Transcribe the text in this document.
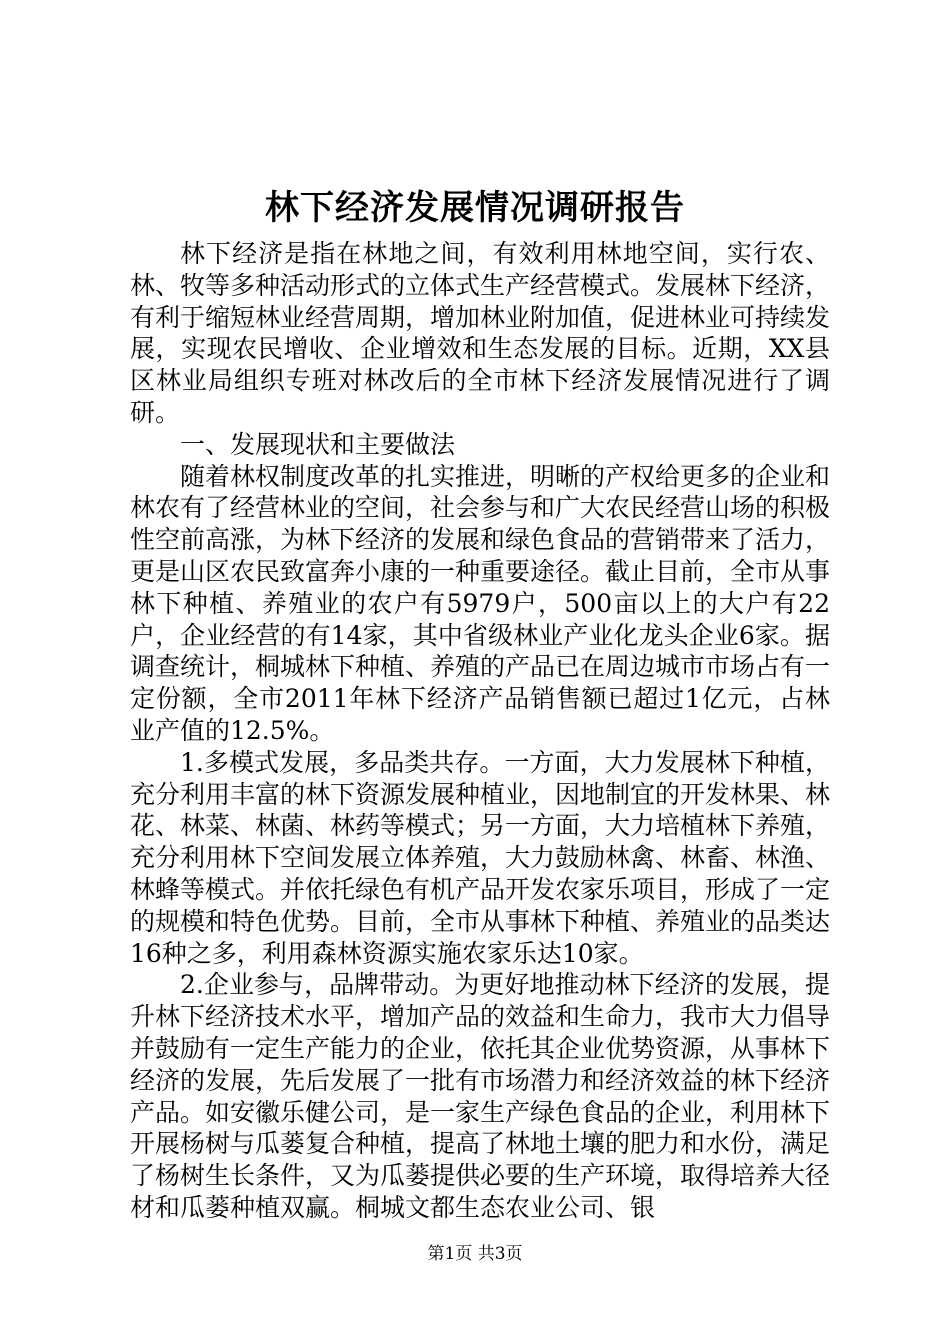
林下经济发展情况调研报告

林下经济是指在林地之间，有效利用林地空间，实行农、林、牧等多种活动形式的立体式生产经营模式。发展林下经济，有利于缩短林业经营周期，增加林业附加值，促进林业可持续发展，实现农民增收、企业增效和生态发展的目标。近期，XX县区林业局组织专班对林改后的全市林下经济发展情况进行了调研。

一、发展现状和主要做法

随着林权制度改革的扎实推进，明晰的产权给更多的企业和林农有了经营林业的空间，社会参与和广大农民经营山场的积极性空前高涨，为林下经济的发展和绿色食品的营销带来了活力，更是山区农民致富奔小康的一种重要途径。截止目前，全市从事林下种植、养殖业的农户有5979户，500亩以上的大户有22户，企业经营的有14家，其中省级林业产业化龙头企业6家。据调查统计，桐城林下种植、养殖的产品已在周边城市市场占有一定份额，全市2011年林下经济产品销售额已超过1亿元，占林业产值的12.5%。

1.多模式发展，多品类共存。一方面，大力发展林下种植，充分利用丰富的林下资源发展种植业，因地制宜的开发林果、林花、林菜、林菌、林药等模式；另一方面，大力培植林下养殖，充分利用林下空间发展立体养殖，大力鼓励林禽、林畜、林渔、林蜂等模式。并依托绿色有机产品开发农家乐项目，形成了一定的规模和特色优势。目前，全市从事林下种植、养殖业的品类达16种之多，利用森林资源实施农家乐达10家。

2.企业参与，品牌带动。为更好地推动林下经济的发展，提升林下经济技术水平，增加产品的效益和生命力，我市大力倡导并鼓励有一定生产能力的企业，依托其企业优势资源，从事林下经济的发展，先后发展了一批有市场潜力和经济效益的林下经济产品。如安徽乐健公司，是一家生产绿色食品的企业，利用林下开展杨树与瓜蒌复合种植，提高了林地土壤的肥力和水份，满足了杨树生长条件，又为瓜蒌提供必要的生产环境，取得培养大径材和瓜蒌种植双赢。桐城文都生态农业公司、银

第1页 共3页
